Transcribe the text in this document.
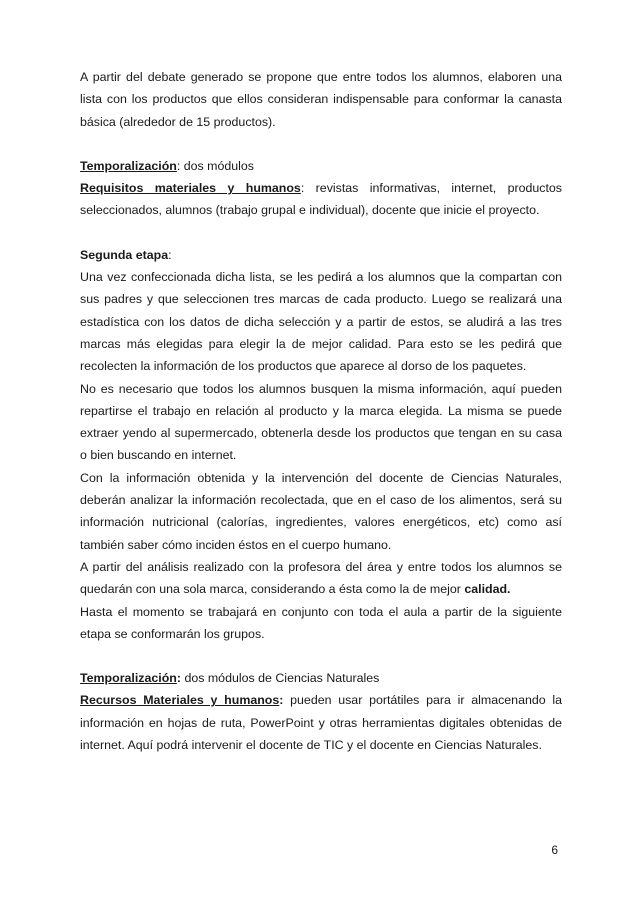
A partir del debate generado se propone que entre todos los alumnos, elaboren una lista con los productos que ellos consideran indispensable para conformar la canasta básica (alrededor de 15 productos).

Temporalización: dos módulos

Requisitos materiales y humanos: revistas informativas, internet, productos seleccionados, alumnos (trabajo grupal e individual), docente que inicie el proyecto.

Segunda etapa:

Una vez confeccionada dicha lista, se les pedirá a los alumnos que la compartan con sus padres y que seleccionen tres marcas de cada producto. Luego se realizará una estadística con los datos de dicha selección y a partir de estos, se aludirá a las tres marcas más elegidas para elegir la de mejor calidad. Para esto se les pedirá que recolecten la información de los productos que aparece al dorso de los paquetes.

No es necesario que todos los alumnos busquen la misma información, aquí pueden repartirse el trabajo en relación al producto y la marca elegida. La misma se puede extraer yendo al supermercado, obtenerla desde los productos que tengan en su casa o bien buscando en internet.

Con la información obtenida y la intervención del docente de Ciencias Naturales, deberán analizar la información recolectada, que en el caso de los alimentos, será su información nutricional (calorías, ingredientes, valores energéticos, etc) como así también saber cómo inciden éstos en el cuerpo humano.

A partir del análisis realizado con la profesora del área y entre todos los alumnos se quedarán con una sola marca, considerando a ésta como la de mejor calidad.

Hasta el momento se trabajará en conjunto con toda el aula a partir de la siguiente etapa se conformarán los grupos.

Temporalización: dos módulos de Ciencias Naturales

Recursos Materiales y humanos: pueden usar portátiles para ir almacenando la información en hojas de ruta, PowerPoint y otras herramientas digitales obtenidas de internet. Aquí podrá intervenir el docente de TIC y el docente en Ciencias Naturales.

6
